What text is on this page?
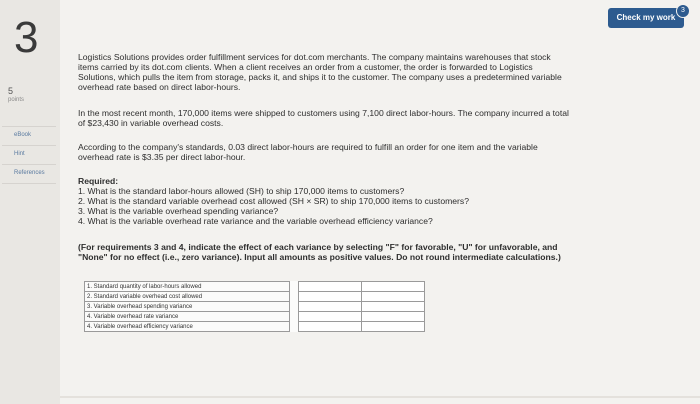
3
5
points
eBook
Hint
References
Check my work
3
Logistics Solutions provides order fulfillment services for dot.com merchants. The company maintains warehouses that stock
items carried by its dot.com clients. When a client receives an order from a customer, the order is forwarded to Logistics
Solutions, which pulls the item from storage, packs it, and ships it to the customer. The company uses a predetermined variable
overhead rate based on direct labor-hours.
In the most recent month, 170,000 items were shipped to customers using 7,100 direct labor-hours. The company incurred a total
of $23,430 in variable overhead costs.
According to the company's standards, 0.03 direct labor-hours are required to fulfill an order for one item and the variable
overhead rate is $3.35 per direct labor-hour.
Required:
1. What is the standard labor-hours allowed (SH) to ship 170,000 items to customers?
2. What is the standard variable overhead cost allowed (SH × SR) to ship 170,000 items to customers?
3. What is the variable overhead spending variance?
4. What is the variable overhead rate variance and the variable overhead efficiency variance?
(For requirements 3 and 4, indicate the effect of each variance by selecting "F" for favorable, "U" for unfavorable, and
"None" for no effect (i.e., zero variance). Input all amounts as positive values. Do not round intermediate calculations.)
1. Standard quantity of labor-hours allowed			
2. Standard variable overhead cost allowed			
3. Variable overhead spending variance			
4. Variable overhead rate variance			
4. Variable overhead efficiency variance			
